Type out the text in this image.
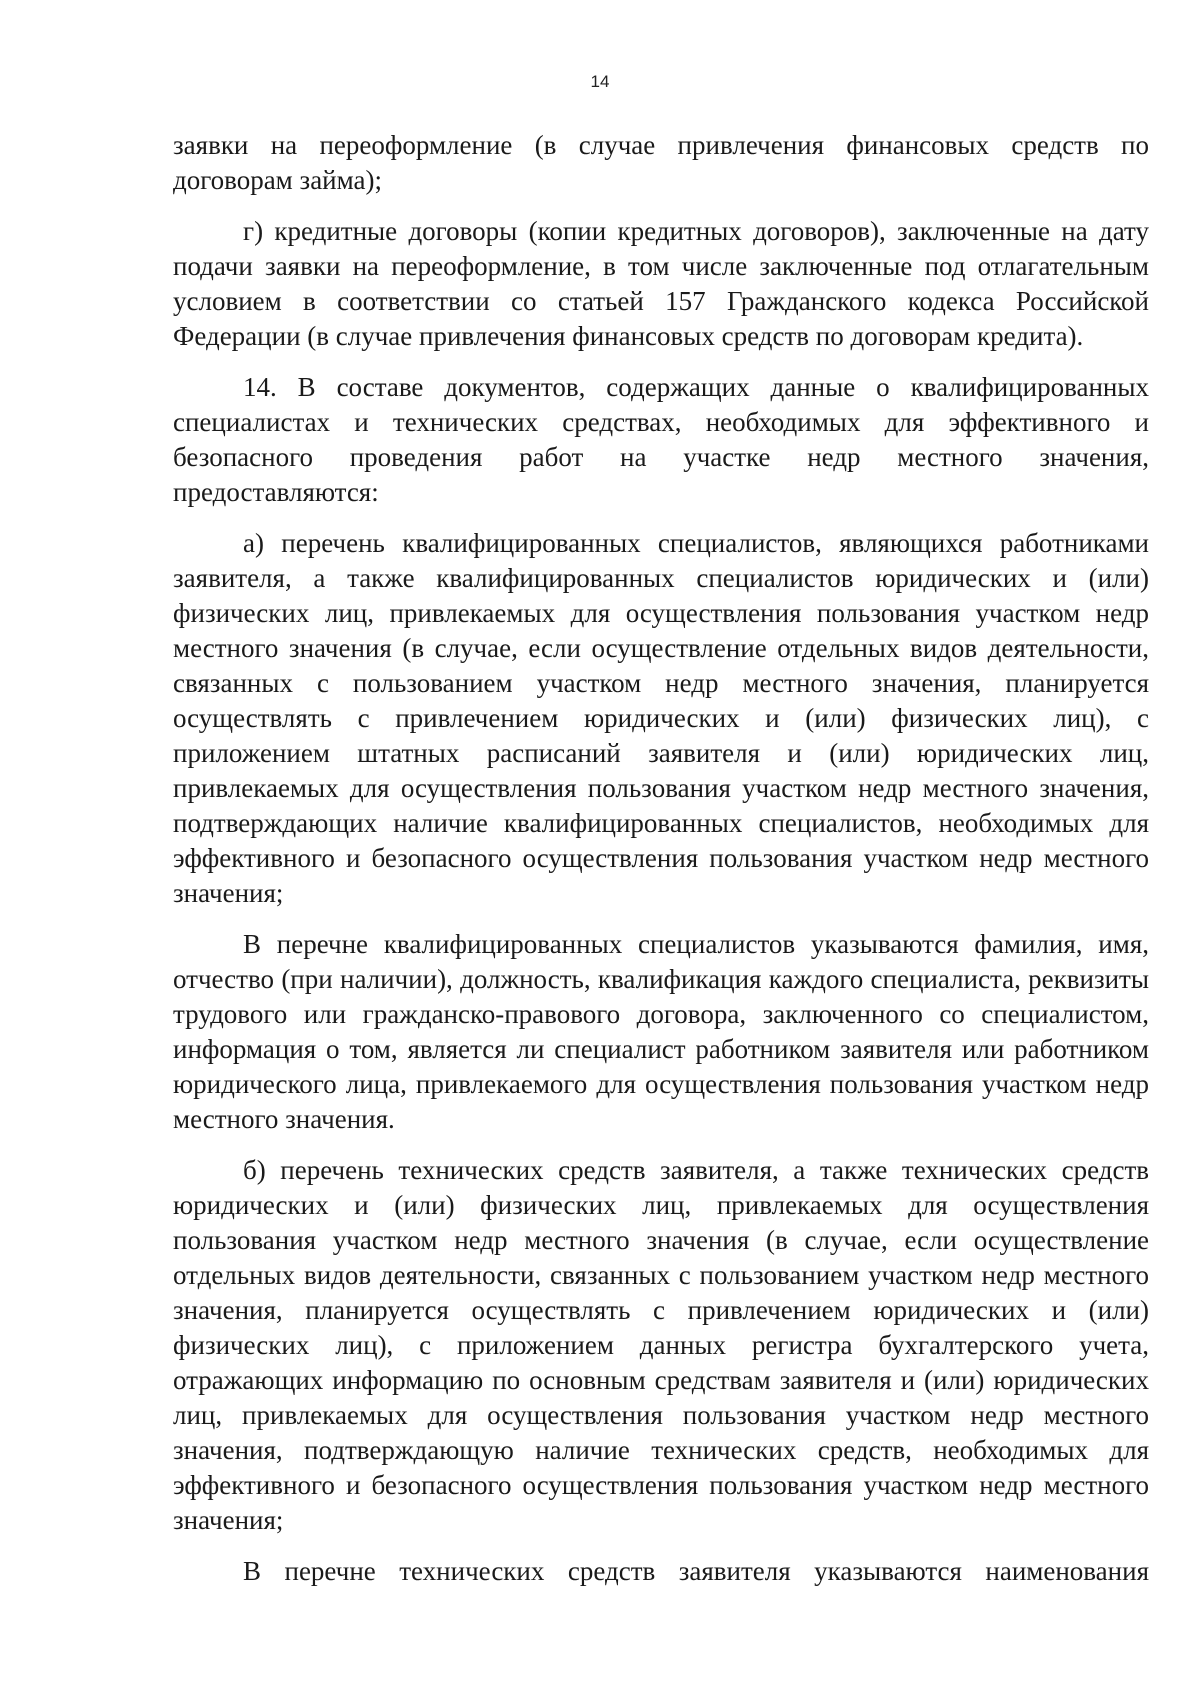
14

заявки на переоформление (в случае привлечения финансовых средств по договорам займа);

г) кредитные договоры (копии кредитных договоров), заключенные на дату подачи заявки на переоформление, в том числе заключенные под отлагательным условием в соответствии со статьей 157 Гражданского кодекса Российской Федерации (в случае привлечения финансовых средств по договорам кредита).

14. В составе документов, содержащих данные о квалифицированных специалистах и технических средствах, необходимых для эффективного и безопасного проведения работ на участке недр местного значения, предоставляются:

а) перечень квалифицированных специалистов, являющихся работниками заявителя, а также квалифицированных специалистов юридических и (или) физических лиц, привлекаемых для осуществления пользования участком недр местного значения (в случае, если осуществление отдельных видов деятельности, связанных с пользованием участком недр местного значения, планируется осуществлять с привлечением юридических и (или) физических лиц), с приложением штатных расписаний заявителя и (или) юридических лиц, привлекаемых для осуществления пользования участком недр местного значения, подтверждающих наличие квалифицированных специалистов, необходимых для эффективного и безопасного осуществления пользования участком недр местного значения;

В перечне квалифицированных специалистов указываются фамилия, имя, отчество (при наличии), должность, квалификация каждого специалиста, реквизиты трудового или гражданско-правового договора, заключенного со специалистом, информация о том, является ли специалист работником заявителя или работником юридического лица, привлекаемого для осуществления пользования участком недр местного значения.

б) перечень технических средств заявителя, а также технических средств юридических и (или) физических лиц, привлекаемых для осуществления пользования участком недр местного значения (в случае, если осуществление отдельных видов деятельности, связанных с пользованием участком недр местного значения, планируется осуществлять с привлечением юридических и (или) физических лиц), с приложением данных регистра бухгалтерского учета, отражающих информацию по основным средствам заявителя и (или) юридических лиц, привлекаемых для осуществления пользования участком недр местного значения, подтверждающую наличие технических средств, необходимых для эффективного и безопасного осуществления пользования участком недр местного значения;

В перечне технических средств заявителя указываются наименования
